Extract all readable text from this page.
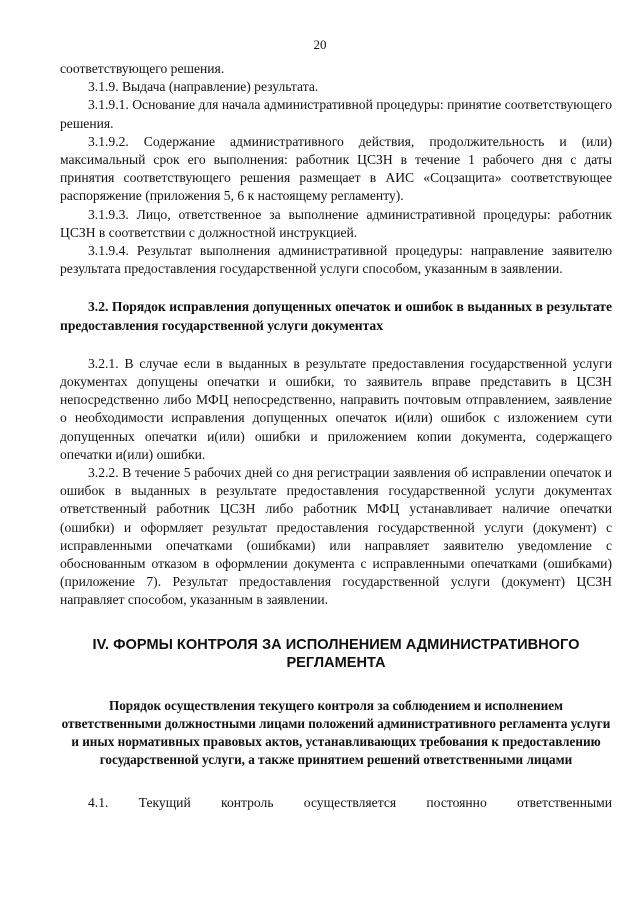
20

соответствующего решения.

3.1.9. Выдача (направление) результата.

3.1.9.1. Основание для начала административной процедуры: принятие соответствующего решения.

3.1.9.2. Содержание административного действия, продолжительность и (или) максимальный срок его выполнения: работник ЦСЗН в течение 1 рабочего дня с даты принятия соответствующего решения размещает в АИС «Соцзащита» соответствующее распоряжение (приложения 5, 6 к настоящему регламенту).

3.1.9.3. Лицо, ответственное за выполнение административной процедуры: работник ЦСЗН в соответствии с должностной инструкцией.

3.1.9.4. Результат выполнения административной процедуры: направление заявителю результата предоставления государственной услуги способом, указанным в заявлении.

3.2. Порядок исправления допущенных опечаток и ошибок в выданных в результате предоставления государственной услуги документах

3.2.1. В случае если в выданных в результате предоставления государственной услуги документах допущены опечатки и ошибки, то заявитель вправе представить в ЦСЗН непосредственно либо МФЦ непосредственно, направить почтовым отправлением, заявление о необходимости исправления допущенных опечаток и(или) ошибок с изложением сути допущенных опечатки и(или) ошибки и приложением копии документа, содержащего опечатки и(или) ошибки.

3.2.2. В течение 5 рабочих дней со дня регистрации заявления об исправлении опечаток и ошибок в выданных в результате предоставления государственной услуги документах ответственный работник ЦСЗН либо работник МФЦ устанавливает наличие опечатки (ошибки) и оформляет результат предоставления государственной услуги (документ) с исправленными опечатками (ошибками) или направляет заявителю уведомление с обоснованным отказом в оформлении документа с исправленными опечатками (ошибками) (приложение 7). Результат предоставления государственной услуги (документ) ЦСЗН направляет способом, указанным в заявлении.

IV. ФОРМЫ КОНТРОЛЯ ЗА ИСПОЛНЕНИЕМ АДМИНИСТРАТИВНОГО РЕГЛАМЕНТА

Порядок осуществления текущего контроля за соблюдением и исполнением ответственными должностными лицами положений административного регламента услуги и иных нормативных правовых актов, устанавливающих требования к предоставлению государственной услуги, а также принятием решений ответственными лицами

4.1. Текущий контроль осуществляется постоянно ответственными
